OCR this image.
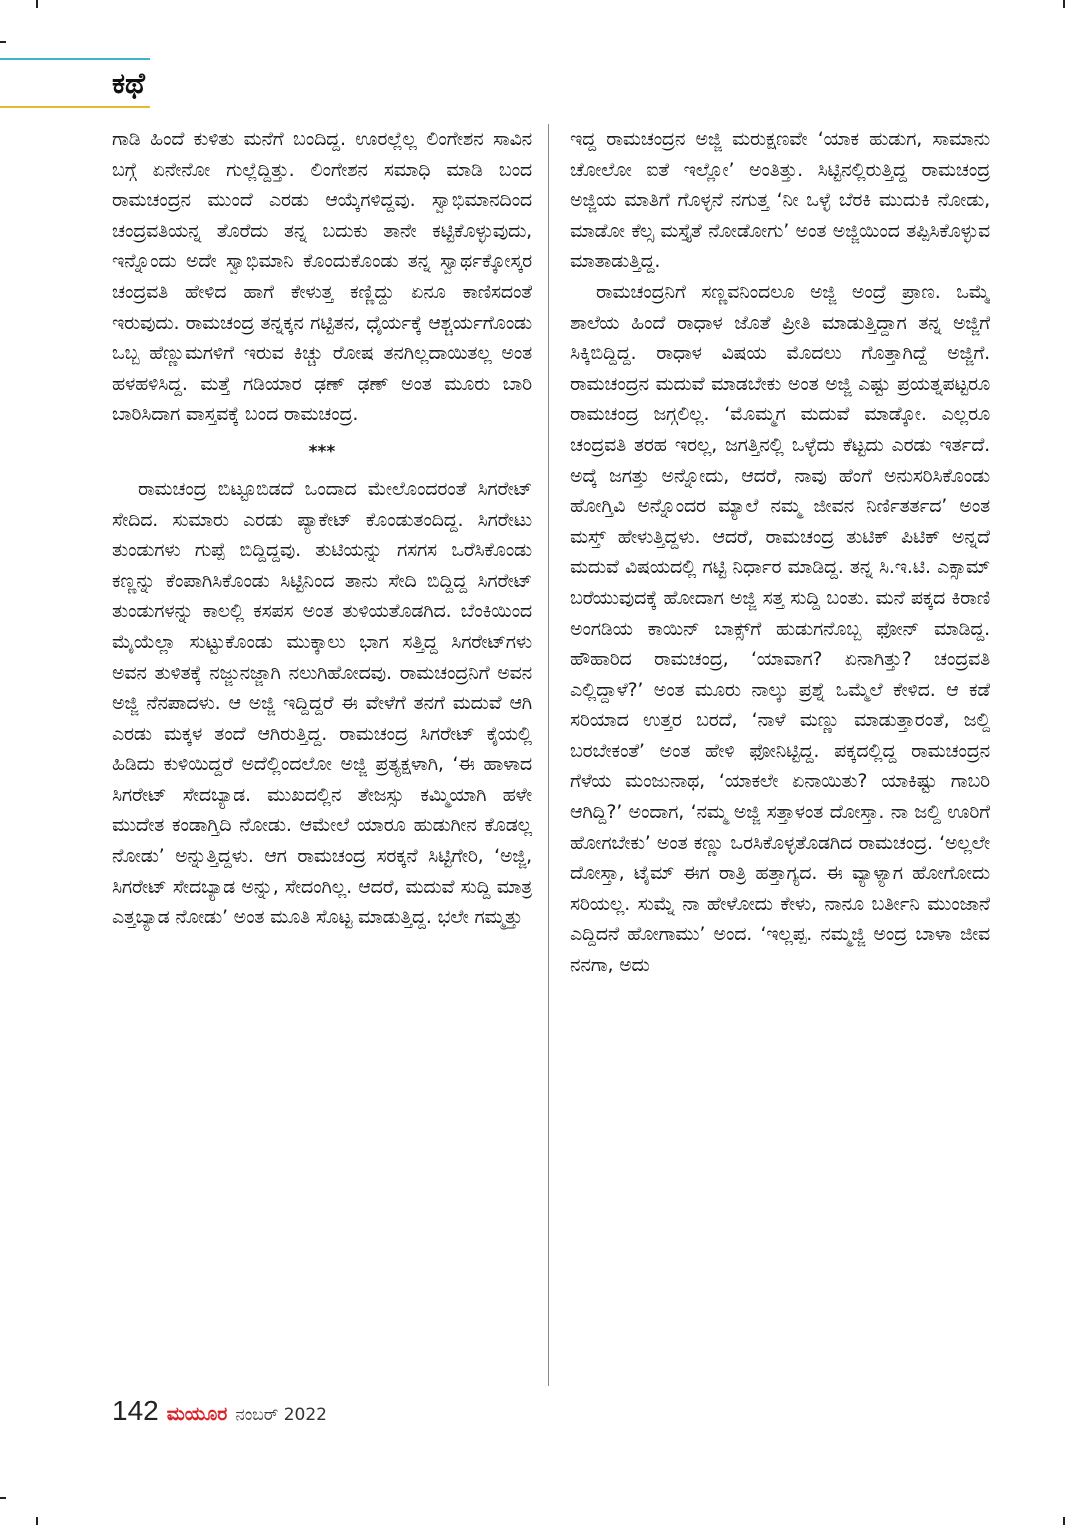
ಕಥೆ

ಗಾಡಿ ಹಿಂದೆ ಕುಳಿತು ಮನೆಗೆ ಬಂದಿದ್ದ. ಊರಲ್ಲೆಲ್ಲ ಲಿಂಗೇಶನ ಸಾವಿನ ಬಗ್ಗೆ ಏನೇನೋ ಗುಲ್ಲೆದ್ದಿತ್ತು. ಲಿಂಗೇಶನ ಸಮಾಧಿ ಮಾಡಿ ಬಂದ ರಾಮಚಂದ್ರನ ಮುಂದೆ ಎರಡು ಆಯ್ಕೆಗಳಿದ್ದವು. ಸ್ವಾಭಿಮಾನದಿಂದ ಚಂದ್ರವತಿಯನ್ನ ತೊರೆದು ತನ್ನ ಬದುಕು ತಾನೇ ಕಟ್ಟಿಕೊಳ್ಳುವುದು, ಇನ್ನೊಂದು ಅದೇ ಸ್ವಾಭಿಮಾನಿ ಕೊಂದುಕೊಂಡು ತನ್ನ ಸ್ವಾರ್ಥಕ್ಕೋಸ್ಕರ ಚಂದ್ರವತಿ ಹೇಳಿದ ಹಾಗೆ ಕೇಳುತ್ತ ಕಣ್ಣಿದ್ದು ಏನೂ ಕಾಣಿಸದಂತೆ ಇರುವುದು. ರಾಮಚಂದ್ರ ತನ್ನಕ್ಕನ ಗಟ್ಟಿತನ, ಧೈರ್ಯಕ್ಕೆ ಆಶ್ಚರ್ಯಗೊಂಡು ಒಬ್ಬ ಹೆಣ್ಣುಮಗಳಿಗೆ ಇರುವ ಕಿಚ್ಚು ರೋಷ ತನಗಿಲ್ಲದಾಯಿತಲ್ಲ ಅಂತ ಹಳಹಳಿಸಿದ್ದ. ಮತ್ತೆ ಗಡಿಯಾರ ಢಣ್ ಢಣ್ ಅಂತ ಮೂರು ಬಾರಿ ಬಾರಿಸಿದಾಗ ವಾಸ್ತವಕ್ಕೆ ಬಂದ ರಾಮಚಂದ್ರ.

***

ರಾಮಚಂದ್ರ ಬಿಟ್ಟೂಬಿಡದೆ ಒಂದಾದ ಮೇಲೊಂದರಂತೆ ಸಿಗರೇಟ್ ಸೇದಿದ. ಸುಮಾರು ಎರಡು ಪ್ಯಾಕೇಟ್ ಕೊಂಡುತಂದಿದ್ದ. ಸಿಗರೇಟು ತುಂಡುಗಳು ಗುಪ್ಪೆ ಬಿದ್ದಿದ್ದವು. ತುಟಿಯನ್ನು ಗಸಗಸ ಒರೆಸಿಕೊಂಡು ಕಣ್ಣನ್ನು ಕೆಂಪಾಗಿಸಿಕೊಂಡು ಸಿಟ್ಟಿನಿಂದ ತಾನು ಸೇದಿ ಬಿದ್ದಿದ್ದ ಸಿಗರೇಟ್ ತುಂಡುಗಳನ್ನು ಕಾಲಲ್ಲಿ ಕಸಪಸ ಅಂತ ತುಳಿಯತೊಡಗಿದ. ಬೆಂಕಿಯಿಂದ ಮೈಯೆಲ್ಲಾ ಸುಟ್ಟುಕೊಂಡು ಮುಕ್ಕಾಲು ಭಾಗ ಸತ್ತಿದ್ದ ಸಿಗರೇಟ್‌ಗಳು ಅವನ ತುಳಿತಕ್ಕೆ ನಜ್ಜುನಜ್ಜಾಗಿ ನಲುಗಿಹೋದವು. ರಾಮಚಂದ್ರನಿಗೆ ಅವನ ಅಜ್ಜಿ ನೆನಪಾದಳು. ಆ ಅಜ್ಜಿ ಇದ್ದಿದ್ದರೆ ಈ ವೇಳೆಗೆ ತನಗೆ ಮದುವೆ ಆಗಿ ಎರಡು ಮಕ್ಕಳ ತಂದೆ ಆಗಿರುತ್ತಿದ್ದ. ರಾಮಚಂದ್ರ ಸಿಗರೇಟ್ ಕೈಯಲ್ಲಿ ಹಿಡಿದು ಕುಳಿಯಿದ್ದರೆ ಅದೆಲ್ಲಿಂದಲೋ ಅಜ್ಜಿ ಪ್ರತ್ಯಕ್ಷಳಾಗಿ, ‘ಈ ಹಾಳಾದ ಸಿಗರೇಟ್ ಸೇದಬ್ಯಾಡ. ಮುಖದಲ್ಲಿನ ತೇಜಸ್ಸು ಕಮ್ಮಿಯಾಗಿ ಹಳೇ ಮುದೇತ ಕಂಡಾಗ್ತಿದಿ ನೋಡು. ಆಮೇಲೆ ಯಾರೂ ಹುಡುಗೀನ ಕೊಡಲ್ಲ ನೋಡು’ ಅನ್ನುತ್ತಿದ್ದಳು. ಆಗ ರಾಮಚಂದ್ರ ಸರಕ್ಕನೆ ಸಿಟ್ಟಿಗೇರಿ, ‘ಅಜ್ಜಿ, ಸಿಗರೇಟ್ ಸೇದಬ್ಯಾಡ ಅನ್ನು, ಸೇದಂಗಿಲ್ಲ. ಆದರೆ, ಮದುವೆ ಸುದ್ದಿ ಮಾತ್ರ ಎತ್ತಬ್ಯಾಡ ನೋಡು’ ಅಂತ ಮೂತಿ ಸೊಟ್ಟ ಮಾಡುತ್ತಿದ್ದ. ಭಲೇ ಗಮ್ಮತ್ತು

ಇದ್ದ ರಾಮಚಂದ್ರನ ಅಜ್ಜಿ ಮರುಕ್ಷಣವೇ ‘ಯಾಕ ಹುಡುಗ, ಸಾಮಾನು ಚೋಲೋ ಐತೆ ಇಲ್ಲೋ’ ಅಂತಿತ್ತು. ಸಿಟ್ಟಿನಲ್ಲಿರುತ್ತಿದ್ದ ರಾಮಚಂದ್ರ ಅಜ್ಜಿಯ ಮಾತಿಗೆ ಗೊಳ್ಳನೆ ನಗುತ್ತ ‘ನೀ ಒಳ್ಳೆ ಬೆರಕಿ ಮುದುಕಿ ನೋಡು, ಮಾಡೋ ಕೆಲ್ಸ ಮಸ್ತೈತೆ ನೋಡೋಗು’ ಅಂತ ಅಜ್ಜಿಯಿಂದ ತಪ್ಪಿಸಿಕೊಳ್ಳುವ ಮಾತಾಡುತ್ತಿದ್ದ.

ರಾಮಚಂದ್ರನಿಗೆ ಸಣ್ಣವನಿಂದಲೂ ಅಜ್ಜಿ ಅಂದ್ರೆ ಪ್ರಾಣ. ಒಮ್ಮೆ ಶಾಲೆಯ ಹಿಂದೆ ರಾಧಾಳ ಜೊತೆ ಪ್ರೀತಿ ಮಾಡುತ್ತಿದ್ದಾಗ ತನ್ನ ಅಜ್ಜಿಗೆ ಸಿಕ್ಕಿಬಿದ್ದಿದ್ದ. ರಾಧಾಳ ವಿಷಯ ಮೊದಲು ಗೊತ್ತಾಗಿದ್ದೆ ಅಜ್ಜಿಗೆ. ರಾಮಚಂದ್ರನ ಮದುವೆ ಮಾಡಬೇಕು ಅಂತ ಅಜ್ಜಿ ಎಷ್ಟು ಪ್ರಯತ್ನಪಟ್ಟರೂ ರಾಮಚಂದ್ರ ಜಗ್ಗಲಿಲ್ಲ. ‘ಮೊಮ್ಮಗ ಮದುವೆ ಮಾಡ್ಕೋ. ಎಲ್ಲರೂ ಚಂದ್ರವತಿ ತರಹ ಇರಲ್ಲ, ಜಗತ್ತಿನಲ್ಲಿ ಒಳ್ಳೆದು ಕೆಟ್ಟದು ಎರಡು ಇರ್ತದೆ. ಅದ್ಕೆ ಜಗತ್ತು ಅನ್ನೋದು, ಆದರೆ, ನಾವು ಹೆಂಗೆ ಅನುಸರಿಸಿಕೊಂಡು ಹೋಗ್ತಿವಿ ಅನ್ನೊಂದರ ಮ್ಯಾಲೆ ನಮ್ಮ ಜೀವನ ನಿರ್ಣಿತರ್ತದ’ ಅಂತ ಮಸ್ತ್ ಹೇಳುತ್ತಿದ್ದಳು. ಆದರೆ, ರಾಮಚಂದ್ರ ತುಟಿಕ್ ಪಿಟಿಕ್ ಅನ್ನದೆ ಮದುವೆ ವಿಷಯದಲ್ಲಿ ಗಟ್ಟಿ ನಿರ್ಧಾರ ಮಾಡಿದ್ದ. ತನ್ನ ಸಿ.ಇ.ಟಿ. ಎಕ್ಸಾಮ್ ಬರೆಯುವುದಕ್ಕೆ ಹೋದಾಗ ಅಜ್ಜಿ ಸತ್ತ ಸುದ್ದಿ ಬಂತು. ಮನೆ ಪಕ್ಕದ ಕಿರಾಣಿ ಅಂಗಡಿಯ ಕಾಯಿನ್ ಬಾಕ್ಸ್‌ಗೆ ಹುಡುಗನೊಬ್ಬ ಫೋನ್ ಮಾಡಿದ್ದ. ಹೌಹಾರಿದ ರಾಮಚಂದ್ರ, ‘ಯಾವಾಗ? ಏನಾಗಿತ್ತು? ಚಂದ್ರವತಿ ಎಲ್ಲಿದ್ದಾಳೆ?’ ಅಂತ ಮೂರು ನಾಲ್ಕು ಪ್ರಶ್ನೆ ಒಮ್ಮೆಲೆ ಕೇಳಿದ. ಆ ಕಡೆ ಸರಿಯಾದ ಉತ್ತರ ಬರದೆ, ‘ನಾಳೆ ಮಣ್ಣು ಮಾಡುತ್ತಾರಂತೆ, ಜಲ್ದಿ ಬರಬೇಕಂತೆ’ ಅಂತ ಹೇಳಿ ಫೋನಿಟ್ಟಿದ್ದ. ಪಕ್ಕದಲ್ಲಿದ್ದ ರಾಮಚಂದ್ರನ ಗೆಳೆಯ ಮಂಜುನಾಥ, ‘ಯಾಕಲೇ ಏನಾಯಿತು? ಯಾಕಿಷ್ಟು ಗಾಬರಿ ಆಗಿದ್ದಿ?’ ಅಂದಾಗ, ‘ನಮ್ಮ ಅಜ್ಜಿ ಸತ್ತಾಳಂತ ದೋಸ್ತಾ. ನಾ ಜಲ್ದಿ ಊರಿಗೆ ಹೋಗಬೇಕು’ ಅಂತ ಕಣ್ಣು ಒರಸಿಕೊಳ್ಳತೊಡಗಿದ ರಾಮಚಂದ್ರ. ‘ಅಲ್ಲಲೇ ದೋಸ್ತಾ, ಟೈಮ್ ಈಗ ರಾತ್ರಿ ಹತ್ತಾಗ್ಯದ. ಈ ವ್ಯಾಳ್ಯಾಗ ಹೋಗೋದು ಸರಿಯಲ್ಲ. ಸುಮ್ನೆ ನಾ ಹೇಳೋದು ಕೇಳು, ನಾನೂ ಬರ್ತೀನಿ ಮುಂಜಾನೆ ಎದ್ದಿದನೆ ಹೋಗಾಮು’ ಅಂದ. ‘ಇಲ್ಲಪ್ಪ. ನಮ್ಮಜ್ಜಿ ಅಂದ್ರ ಬಾಳಾ ಜೀವ ನನಗಾ, ಅದು

142 ಮಯೂರ ನಂಬರ್ 2022
